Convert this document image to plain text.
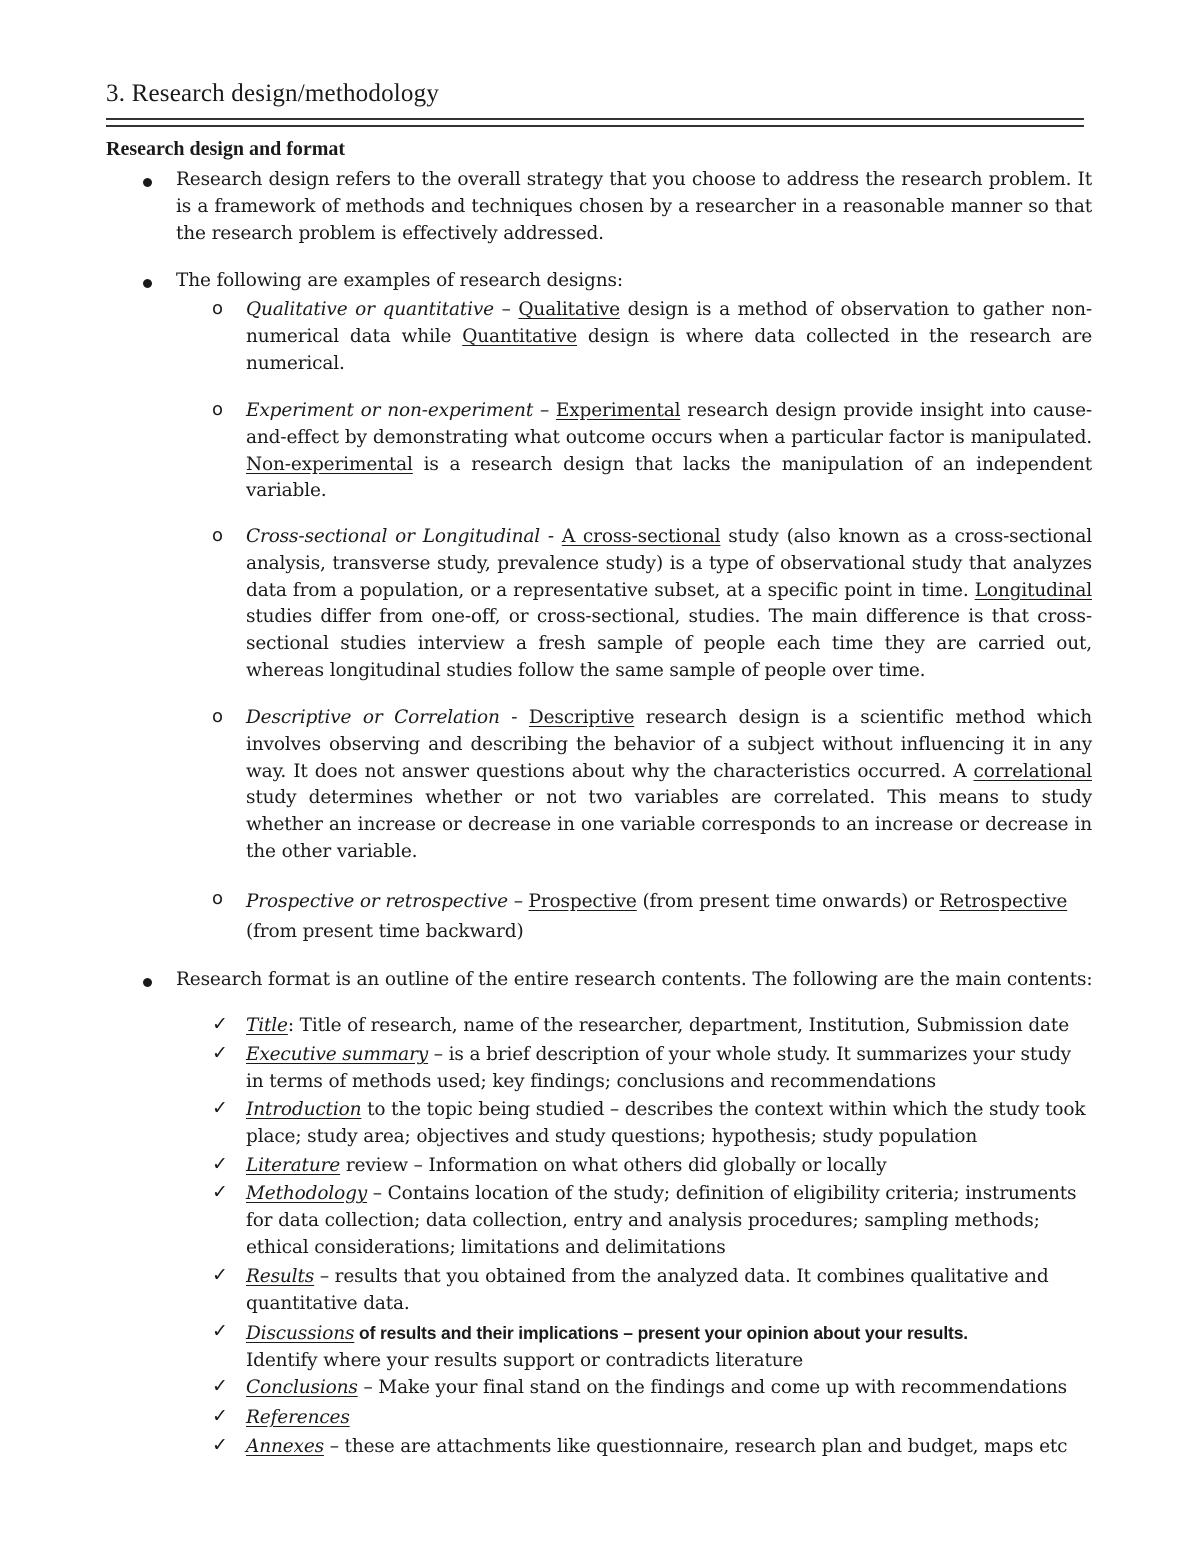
3. Research design/methodology
Research design and format
Research design refers to the overall strategy that you choose to address the research problem. It is a framework of methods and techniques chosen by a researcher in a reasonable manner so that the research problem is effectively addressed.
The following are examples of research designs:
o Qualitative or quantitative – Qualitative design is a method of observation to gather non-numerical data while Quantitative design is where data collected in the research are numerical.
o Experiment or non-experiment – Experimental research design provide insight into cause-and-effect by demonstrating what outcome occurs when a particular factor is manipulated. Non-experimental is a research design that lacks the manipulation of an independent variable.
o Cross-sectional or Longitudinal - A cross-sectional study (also known as a cross-sectional analysis, transverse study, prevalence study) is a type of observational study that analyzes data from a population, or a representative subset, at a specific point in time. Longitudinal studies differ from one-off, or cross-sectional, studies. The main difference is that cross-sectional studies interview a fresh sample of people each time they are carried out, whereas longitudinal studies follow the same sample of people over time.
o Descriptive or Correlation - Descriptive research design is a scientific method which involves observing and describing the behavior of a subject without influencing it in any way. It does not answer questions about why the characteristics occurred. A correlational study determines whether or not two variables are correlated. This means to study whether an increase or decrease in one variable corresponds to an increase or decrease in the other variable.
o Prospective or retrospective – Prospective (from present time onwards) or Retrospective (from present time backward)
Research format is an outline of the entire research contents. The following are the main contents:
✓ Title: Title of research, name of the researcher, department, Institution, Submission date
✓ Executive summary – is a brief description of your whole study. It summarizes your study in terms of methods used; key findings; conclusions and recommendations
✓ Introduction to the topic being studied – describes the context within which the study took place; study area; objectives and study questions; hypothesis; study population
✓ Literature review – Information on what others did globally or locally
✓ Methodology – Contains location of the study; definition of eligibility criteria; instruments for data collection; data collection, entry and analysis procedures; sampling methods; ethical considerations; limitations and delimitations
✓ Results – results that you obtained from the analyzed data. It combines qualitative and quantitative data.
✓ Discussions of results and their implications – present your opinion about your results.
Identify where your results support or contradicts literature
✓ Conclusions – Make your final stand on the findings and come up with recommendations
✓ References
✓ Annexes – these are attachments like questionnaire, research plan and budget, maps etc
